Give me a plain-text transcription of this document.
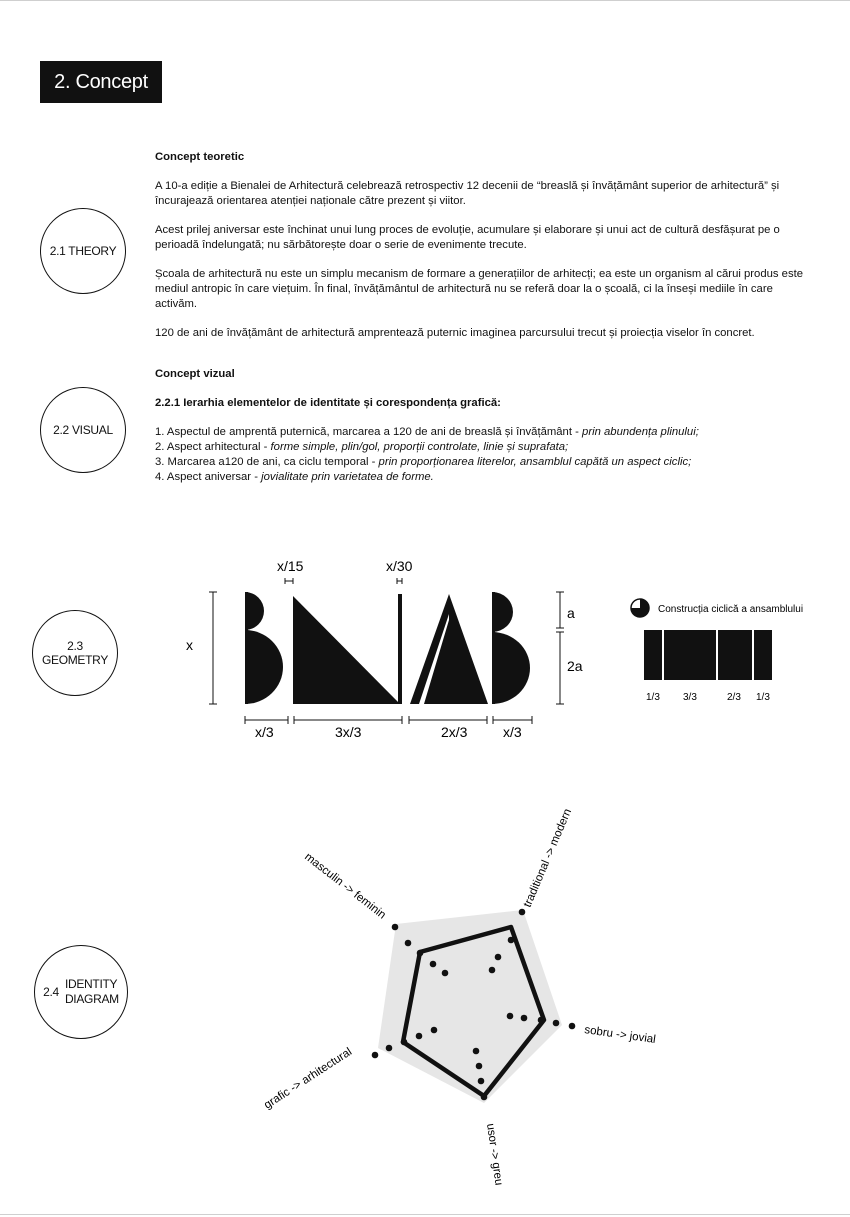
2. Concept
2.1 THEORY

Concept teoretic

A 10-a ediție a Bienalei de Arhitectură celebrează retrospectiv 12 decenii de “breaslă și învățământ superior de arhitectură” și încurajează orientarea atenției naționale către prezent și viitor.

Acest prilej aniversar este închinat unui lung proces de evoluție, acumulare și elaborare și unui act de cultură desfășurat pe o perioadă îndelungată; nu sărbătorește doar o serie de evenimente trecute.

Școala de arhitectură nu este un simplu mecanism de formare a generațiilor de arhitecți; ea este un organism al cărui produs este mediul antropic în care viețuim. În final, învățământul de arhitectură nu se referă doar la o școală, ci la înseși mediile în care activăm.

120 de ani de învățământ de arhitectură amprentează puternic imaginea parcursului trecut și proiecția viselor în concret.

2.2 VISUAL

Concept vizual

2.2.1 Ierarhia elementelor de identitate și corespondența grafică:

1. Aspectul de amprentă puternică, marcarea a 120 de ani de breaslă și învățământ - prin abundența plinului;

2. Aspect arhitectural - forme simple, plin/gol, proporții controlate, linie și suprafata;

3. Marcarea a120 de ani, ca ciclu temporal - prin proporționarea literelor, ansamblul capătă un aspect ciclic;

4. Aspect aniversar - jovialitate prin varietatea de forme.

2.3 GEOMETRY
x
x/15	x/30
x/3	3x/3	2x/3	x/3
a
2a
Construcția ciclică a ansamblului
1/3 3/3	2/3 1/3
2.4
IDENTITY
DIAGRAM
masculin -> feminin	traditional -> modern
sobru -> jovial
usor -> greu
grafic -> arhitectural
